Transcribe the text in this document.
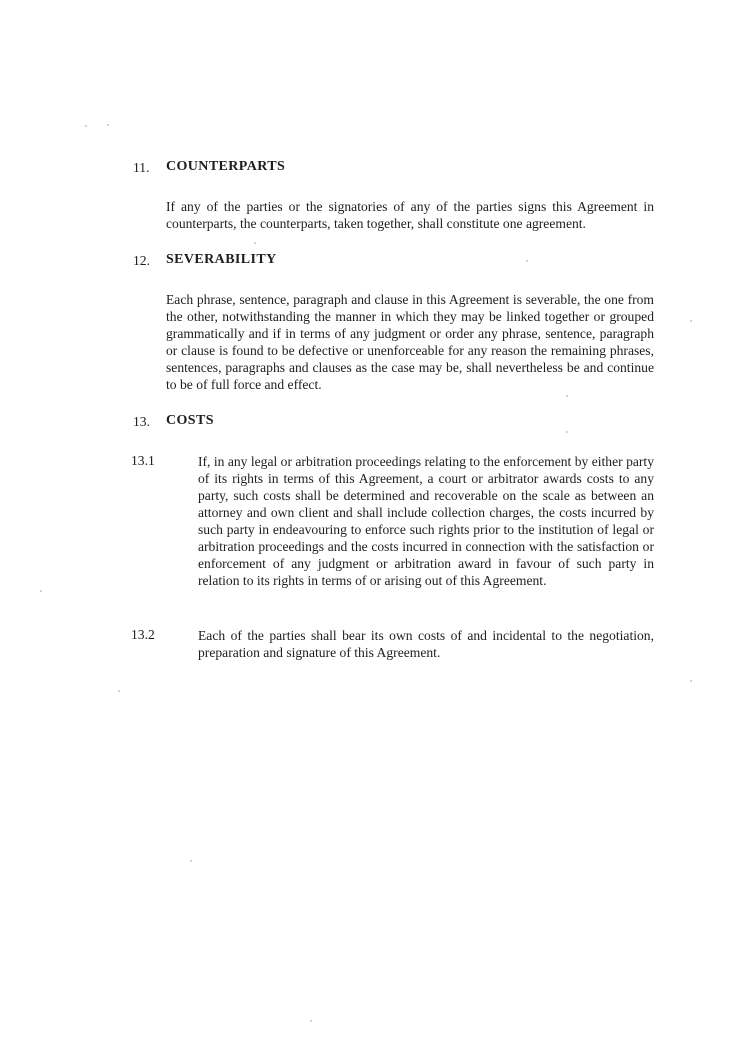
11. COUNTERPARTS
If any of the parties or the signatories of any of the parties signs this Agreement in counterparts, the counterparts, taken together, shall constitute one agreement.
12. SEVERABILITY
Each phrase, sentence, paragraph and clause in this Agreement is severable, the one from the other, notwithstanding the manner in which they may be linked together or grouped grammatically and if in terms of any judgment or order any phrase, sentence, paragraph or clause is found to be defective or unenforceable for any reason the remaining phrases, sentences, paragraphs and clauses as the case may be, shall nevertheless be and continue to be of full force and effect.
13. COSTS
13.1	If, in any legal or arbitration proceedings relating to the enforcement by either party of its rights in terms of this Agreement, a court or arbitrator awards costs to any party, such costs shall be determined and recoverable on the scale as between an attorney and own client and shall include collection charges, the costs incurred by such party in endeavouring to enforce such rights prior to the institution of legal or arbitration proceedings and the costs incurred in connection with the satisfaction or enforcement of any judgment or arbitration award in favour of such party in relation to its rights in terms of or arising out of this Agreement.
13.2	Each of the parties shall bear its own costs of and incidental to the negotiation, preparation and signature of this Agreement.
